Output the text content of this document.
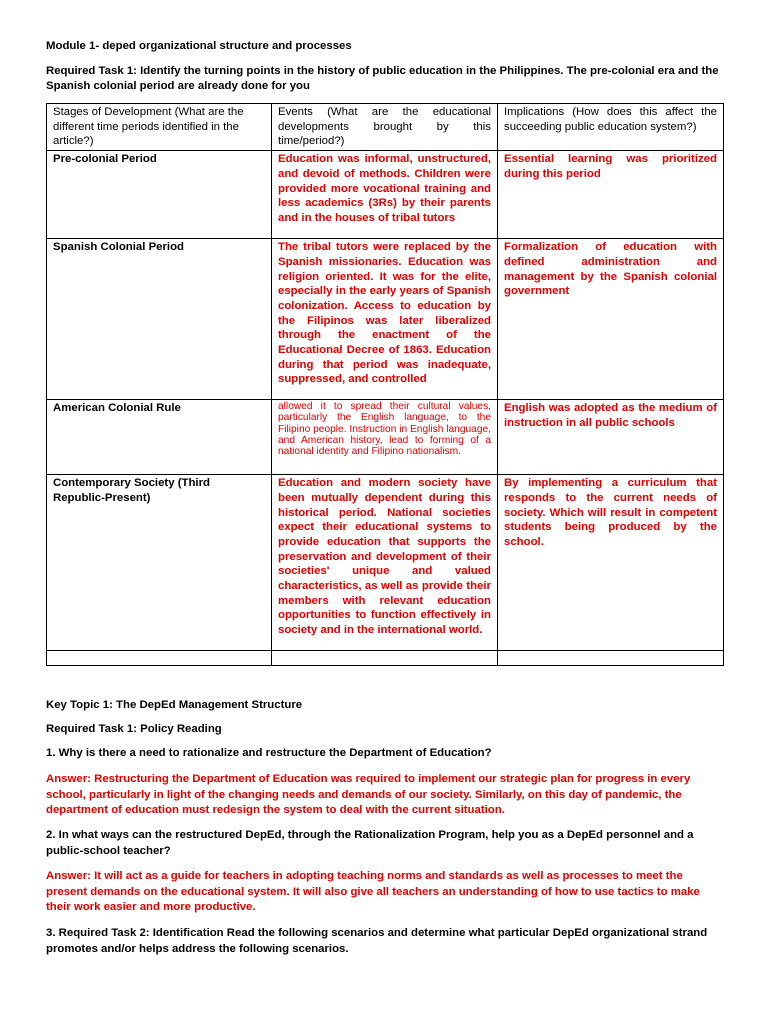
Module 1- deped organizational structure and processes

Required Task 1: Identify the turning points in the history of public education in the Philippines. The pre-colonial era and the Spanish colonial period are already done for you

Stages of Development (What are the different time periods identified in the article?)	Events (What are the educational developments brought by this time/period?)	Implications (How does this affect the succeeding public education system?)
Pre-colonial Period	Education was informal, unstructured, and devoid of methods. Children were provided more vocational training and less academics (3Rs) by their parents and in the houses of tribal tutors	Essential learning was prioritized during this period
Spanish Colonial Period	The tribal tutors were replaced by the Spanish missionaries. Education was religion oriented. It was for the elite, especially in the early years of Spanish colonization. Access to education by the Filipinos was later liberalized through the enactment of the Educational Decree of 1863. Education during that period was inadequate, suppressed, and controlled	Formalization of education with defined administration and management by the Spanish colonial government
American Colonial Rule	allowed it to spread their cultural values, particularly the English language, to the Filipino people. Instruction in English language, and American history, lead to forming of a national identity and Filipino nationalism.	English was adopted as the medium of instruction in all public schools
Contemporary Society (Third Republic-Present)	Education and modern society have been mutually dependent during this historical period. National societies expect their educational systems to provide education that supports the preservation and development of their societies' unique and valued characteristics, as well as provide their members with relevant education opportunities to function effectively in society and in the international world.	By implementing a curriculum that responds to the current needs of society. Which will result in competent students being produced by the school.

Key Topic 1: The DepEd Management Structure

Required Task 1: Policy Reading

1. Why is there a need to rationalize and restructure the Department of Education?

Answer: Restructuring the Department of Education was required to implement our strategic plan for progress in every school, particularly in light of the changing needs and demands of our society. Similarly, on this day of pandemic, the department of education must redesign the system to deal with the current situation.

2. In what ways can the restructured DepEd, through the Rationalization Program, help you as a DepEd personnel and a public-school teacher?

Answer: It will act as a guide for teachers in adopting teaching norms and standards as well as processes to meet the present demands on the educational system. It will also give all teachers an understanding of how to use tactics to make their work easier and more productive.

3. Required Task 2: Identification Read the following scenarios and determine what particular DepEd organizational strand promotes and/or helps address the following scenarios.
